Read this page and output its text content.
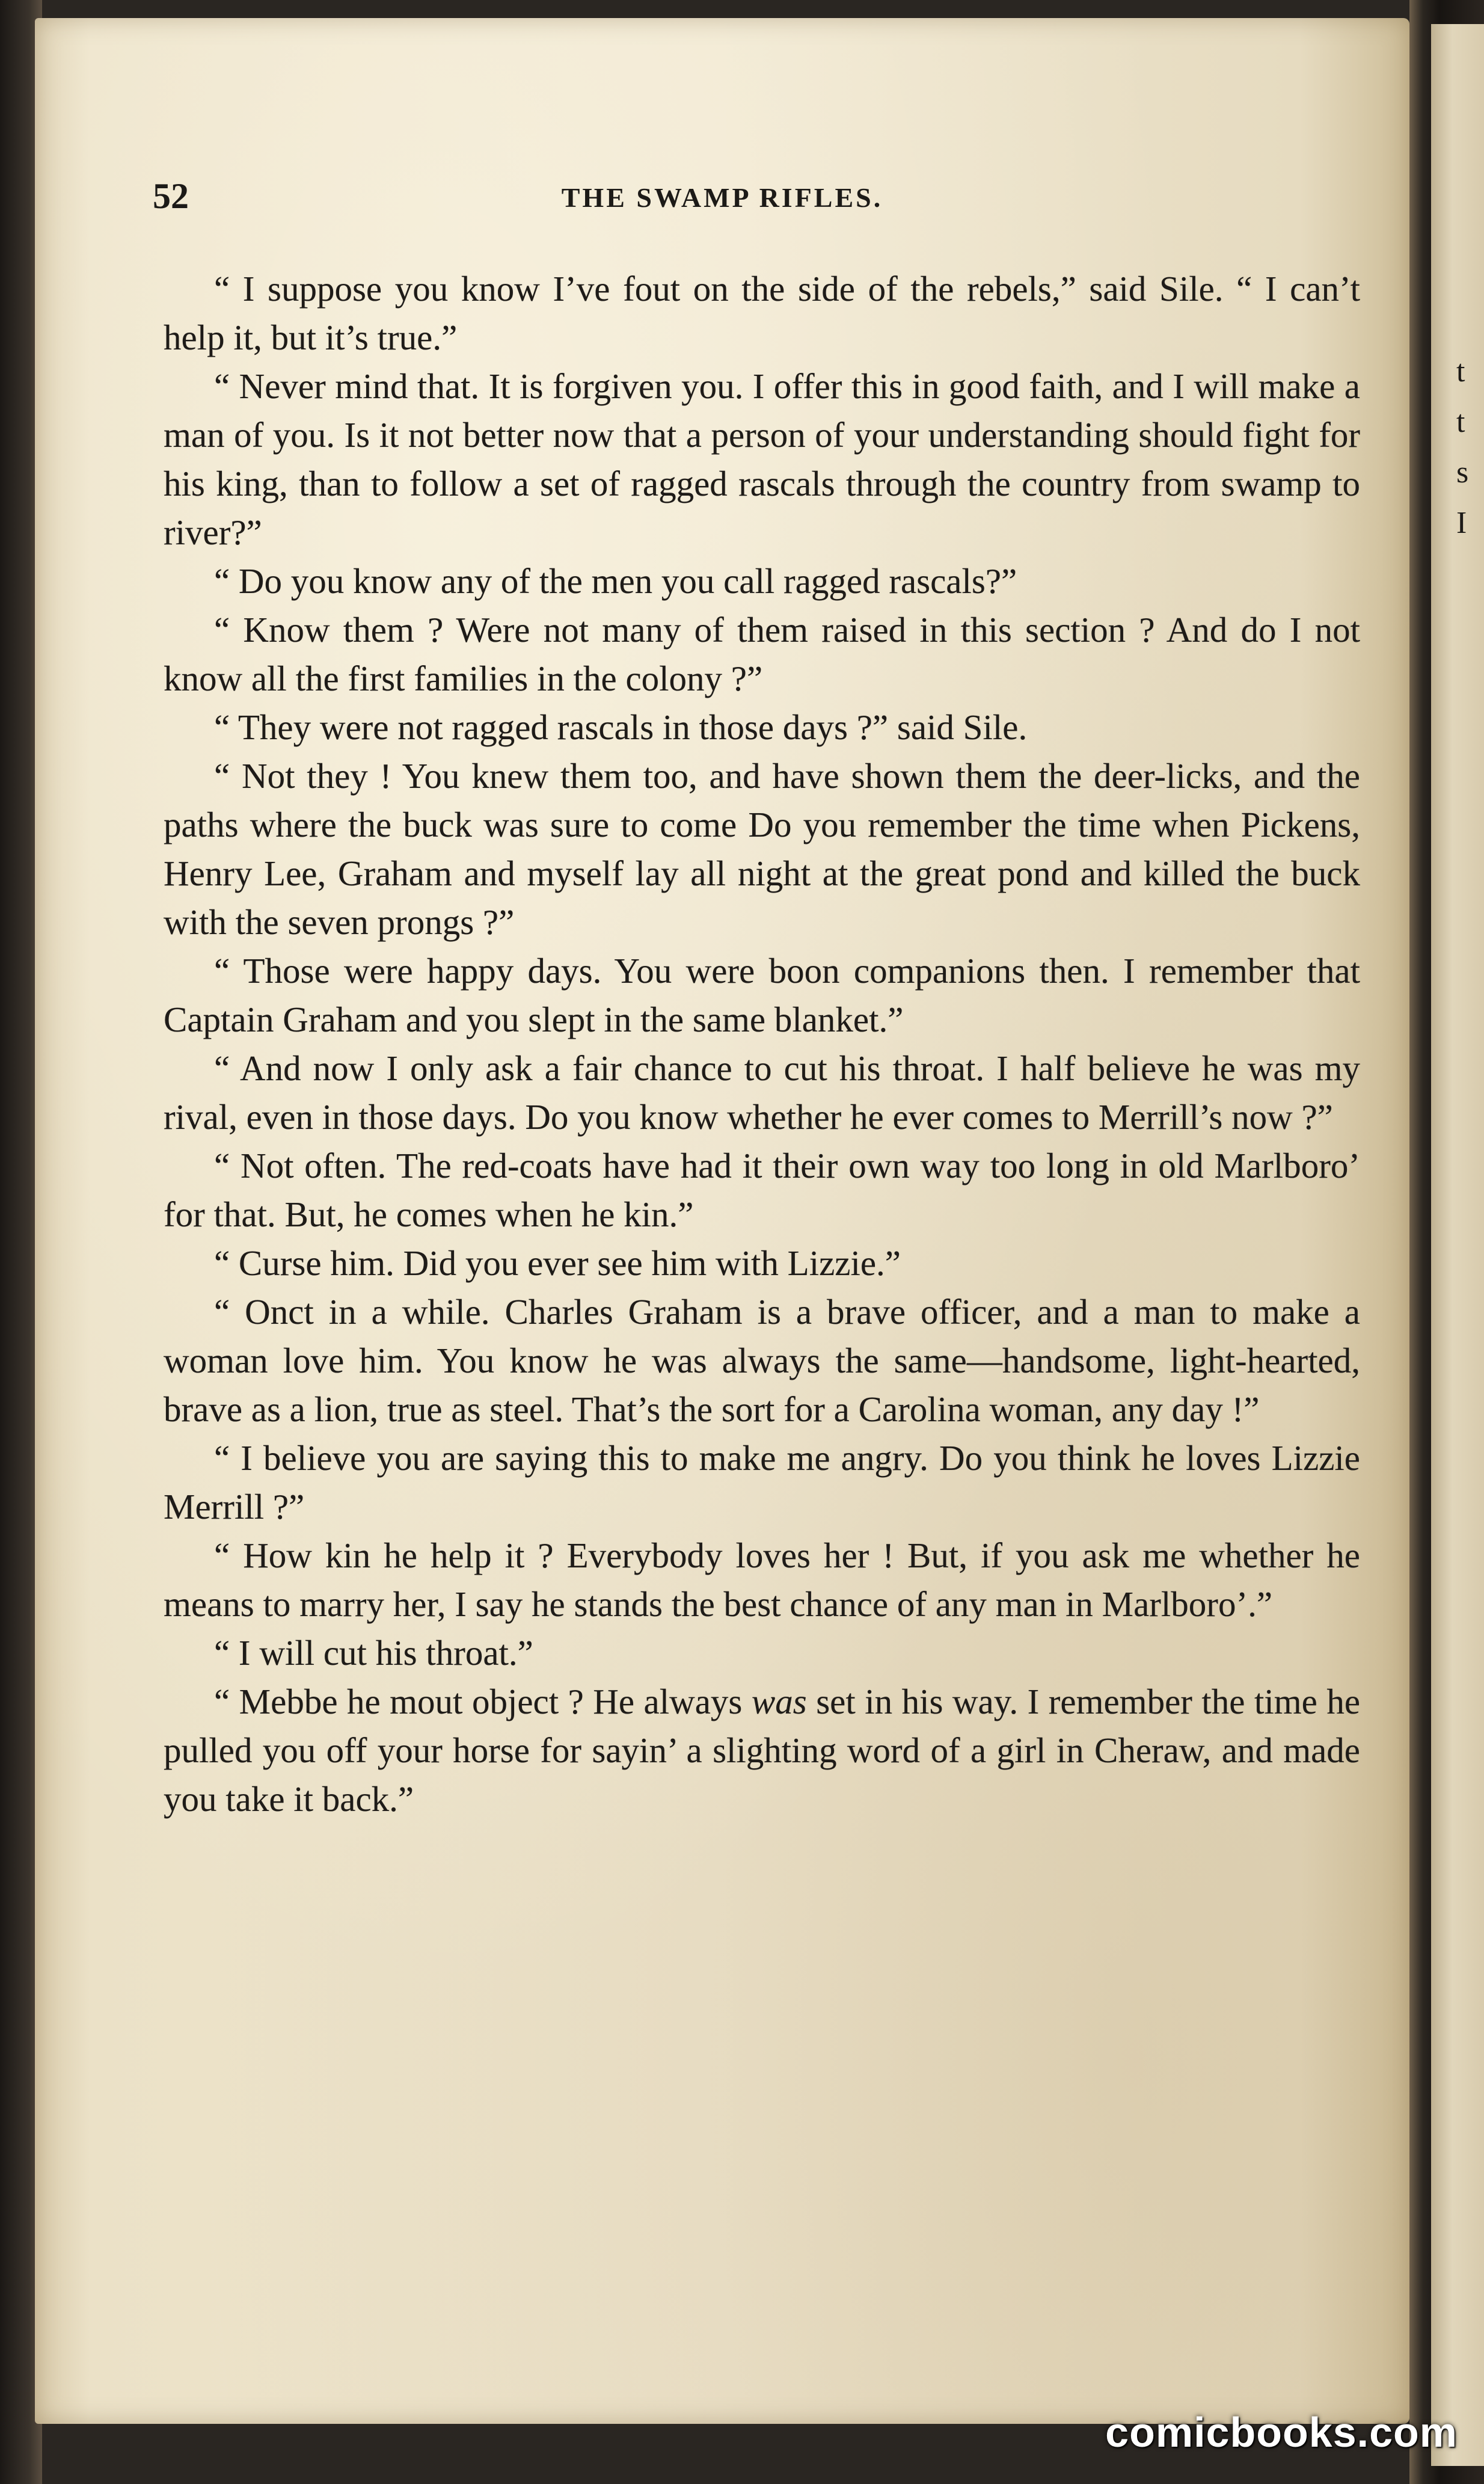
t
t
s
I
52	THE SWAMP RIFLES.

“ I suppose you know I’ve fout on the side of the rebels,” said Sile. “ I can’t help it, but it’s true.”

“ Never mind that. It is forgiven you. I offer this in good faith, and I will make a man of you. Is it not better now that a person of your understanding should fight for his king, than to follow a set of ragged rascals through the country from swamp to river?”

“ Do you know any of the men you call ragged rascals?”

“ Know them ? Were not many of them raised in this section ? And do I not know all the first families in the colony ?”

“ They were not ragged rascals in those days ?” said Sile.

“ Not they ! You knew them too, and have shown them the deer-licks, and the paths where the buck was sure to come Do you remember the time when Pickens, Henry Lee, Graham and myself lay all night at the great pond and killed the buck with the seven prongs ?”

“ Those were happy days. You were boon companions then. I remember that Captain Graham and you slept in the same blanket.”

“ And now I only ask a fair chance to cut his throat. I half believe he was my rival, even in those days. Do you know whether he ever comes to Merrill’s now ?”

“ Not often. The red-coats have had it their own way too long in old Marlboro’ for that. But, he comes when he kin.”

“ Curse him. Did you ever see him with Lizzie.”

“ Onct in a while. Charles Graham is a brave officer, and a man to make a woman love him. You know he was always the same—handsome, light-hearted, brave as a lion, true as steel. That’s the sort for a Carolina woman, any day !”

“ I believe you are saying this to make me angry. Do you think he loves Lizzie Merrill ?”

“ How kin he help it ? Everybody loves her ! But, if you ask me whether he means to marry her, I say he stands the best chance of any man in Marlboro’.”

“ I will cut his throat.”

“ Mebbe he mout object ? He always was set in his way. I remember the time he pulled you off your horse for sayin’ a slighting word of a girl in Cheraw, and made you take it back.”

comicbooks.com
